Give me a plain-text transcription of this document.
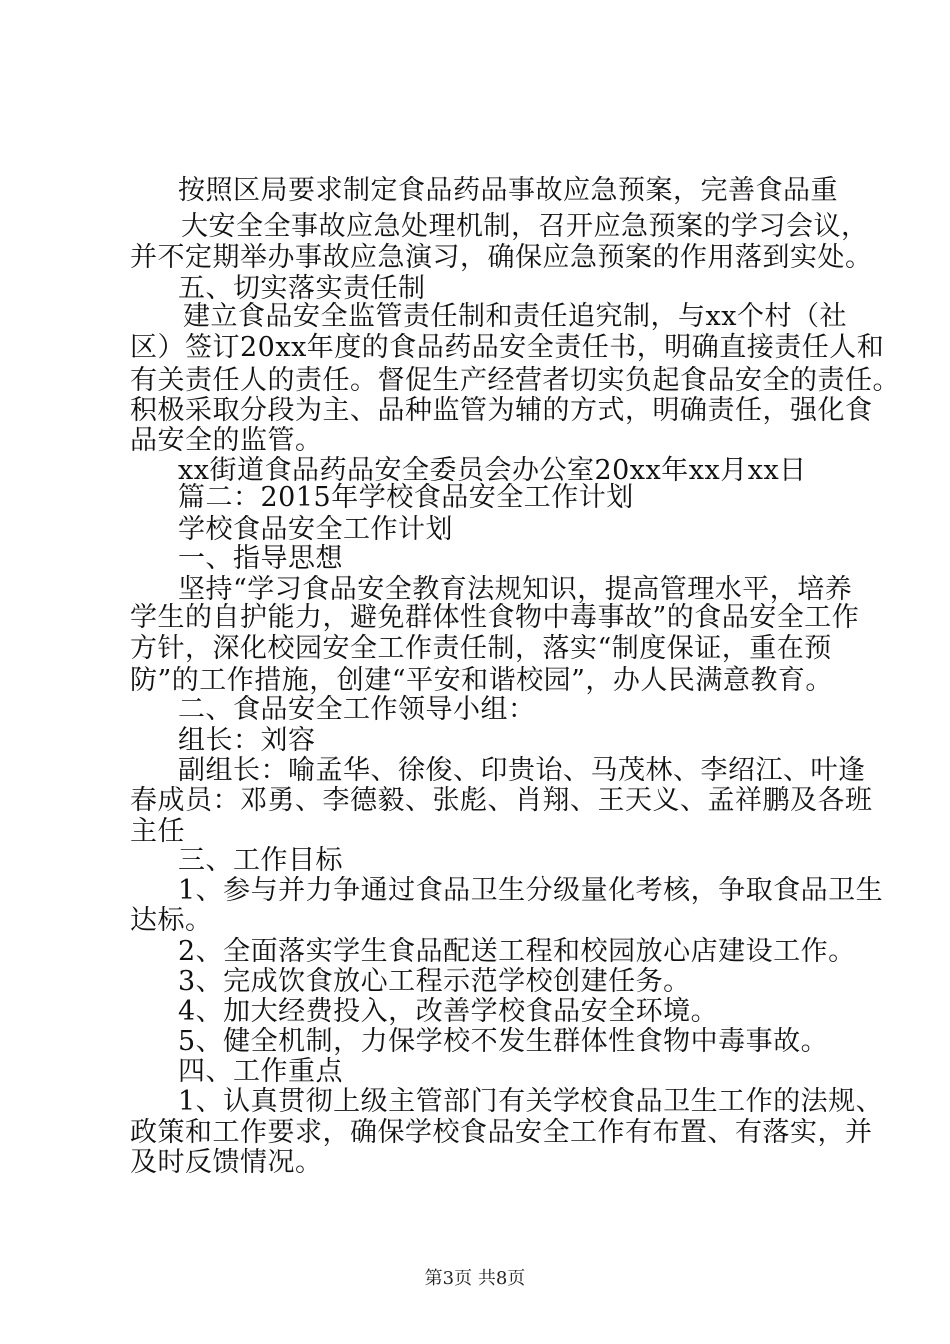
按照区局要求制定食品药品事故应急预案，完善食品重
大安全全事故应急处理机制，召开应急预案的学习会议，
并不定期举办事故应急演习，确保应急预案的作用落到实处。
五、切实落实责任制
建立食品安全监管责任制和责任追究制，与xx个村（社
区）签订20xx年度的食品药品安全责任书，明确直接责任人和
有关责任人的责任。督促生产经营者切实负起食品安全的责任。
积极采取分段为主、品种监管为辅的方式，明确责任，强化食
品安全的监管。
xx街道食品药品安全委员会办公室20xx年xx月xx日
篇二：2015年学校食品安全工作计划
学校食品安全工作计划
一、指导思想
坚持“学习食品安全教育法规知识，提高管理水平，培养
学生的自护能力，避免群体性食物中毒事故”的食品安全工作
方针，深化校园安全工作责任制，落实“制度保证，重在预
防”的工作措施，创建“平安和谐校园”，办人民满意教育。
二、食品安全工作领导小组：
组长：刘容
副组长：喻孟华、徐俊、印贵诒、马茂林、李绍江、叶逢
春成员：邓勇、李德毅、张彪、肖翔、王天义、孟祥鹏及各班
主任
三、工作目标
1、参与并力争通过食品卫生分级量化考核，争取食品卫生
达标。
2、全面落实学生食品配送工程和校园放心店建设工作。
3、完成饮食放心工程示范学校创建任务。
4、加大经费投入，改善学校食品安全环境。
5、健全机制，力保学校不发生群体性食物中毒事故。
四、工作重点
1、认真贯彻上级主管部门有关学校食品卫生工作的法规、
政策和工作要求，确保学校食品安全工作有布置、有落实，并
及时反馈情况。
第3页 共8页
